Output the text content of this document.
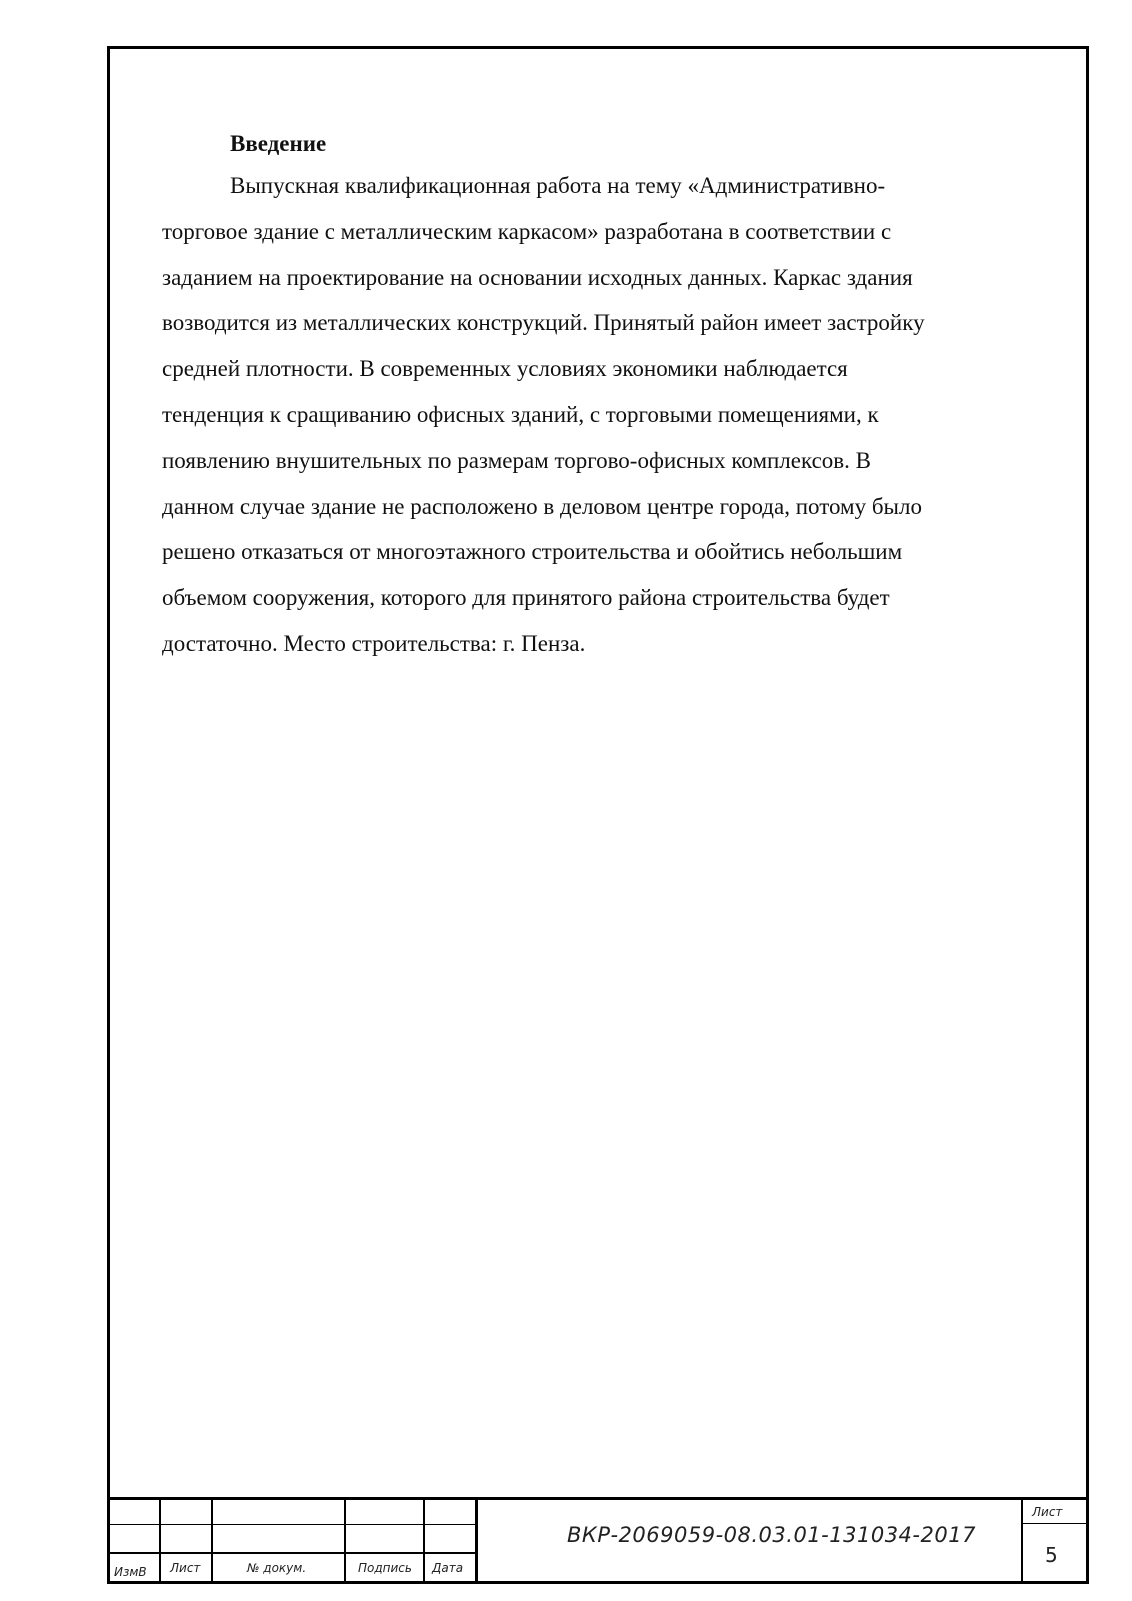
Введение
Выпускная квалификационная работа на тему «Административно-
торговое здание с металлическим каркасом» разработана в соответствии с
заданием на проектирование на основании исходных данных. Каркас здания
возводится из металлических конструкций. Принятый район имеет застройку
средней плотности. В современных условиях экономики наблюдается
тенденция к сращиванию офисных зданий, с торговыми помещениями, к
появлению внушительных по размерам торгово-офисных комплексов. В
данном случае здание не расположено в деловом центре города, потому было
решено отказаться от многоэтажного строительства и обойтись небольшим
объемом сооружения, которого для принятого района строительства будет
достаточно. Место строительства: г. Пенза.
ИзмВ Лист	№ докум.	Подпись Дата
ВКР-2069059-08.03.01-131034-2017
Лист
5
